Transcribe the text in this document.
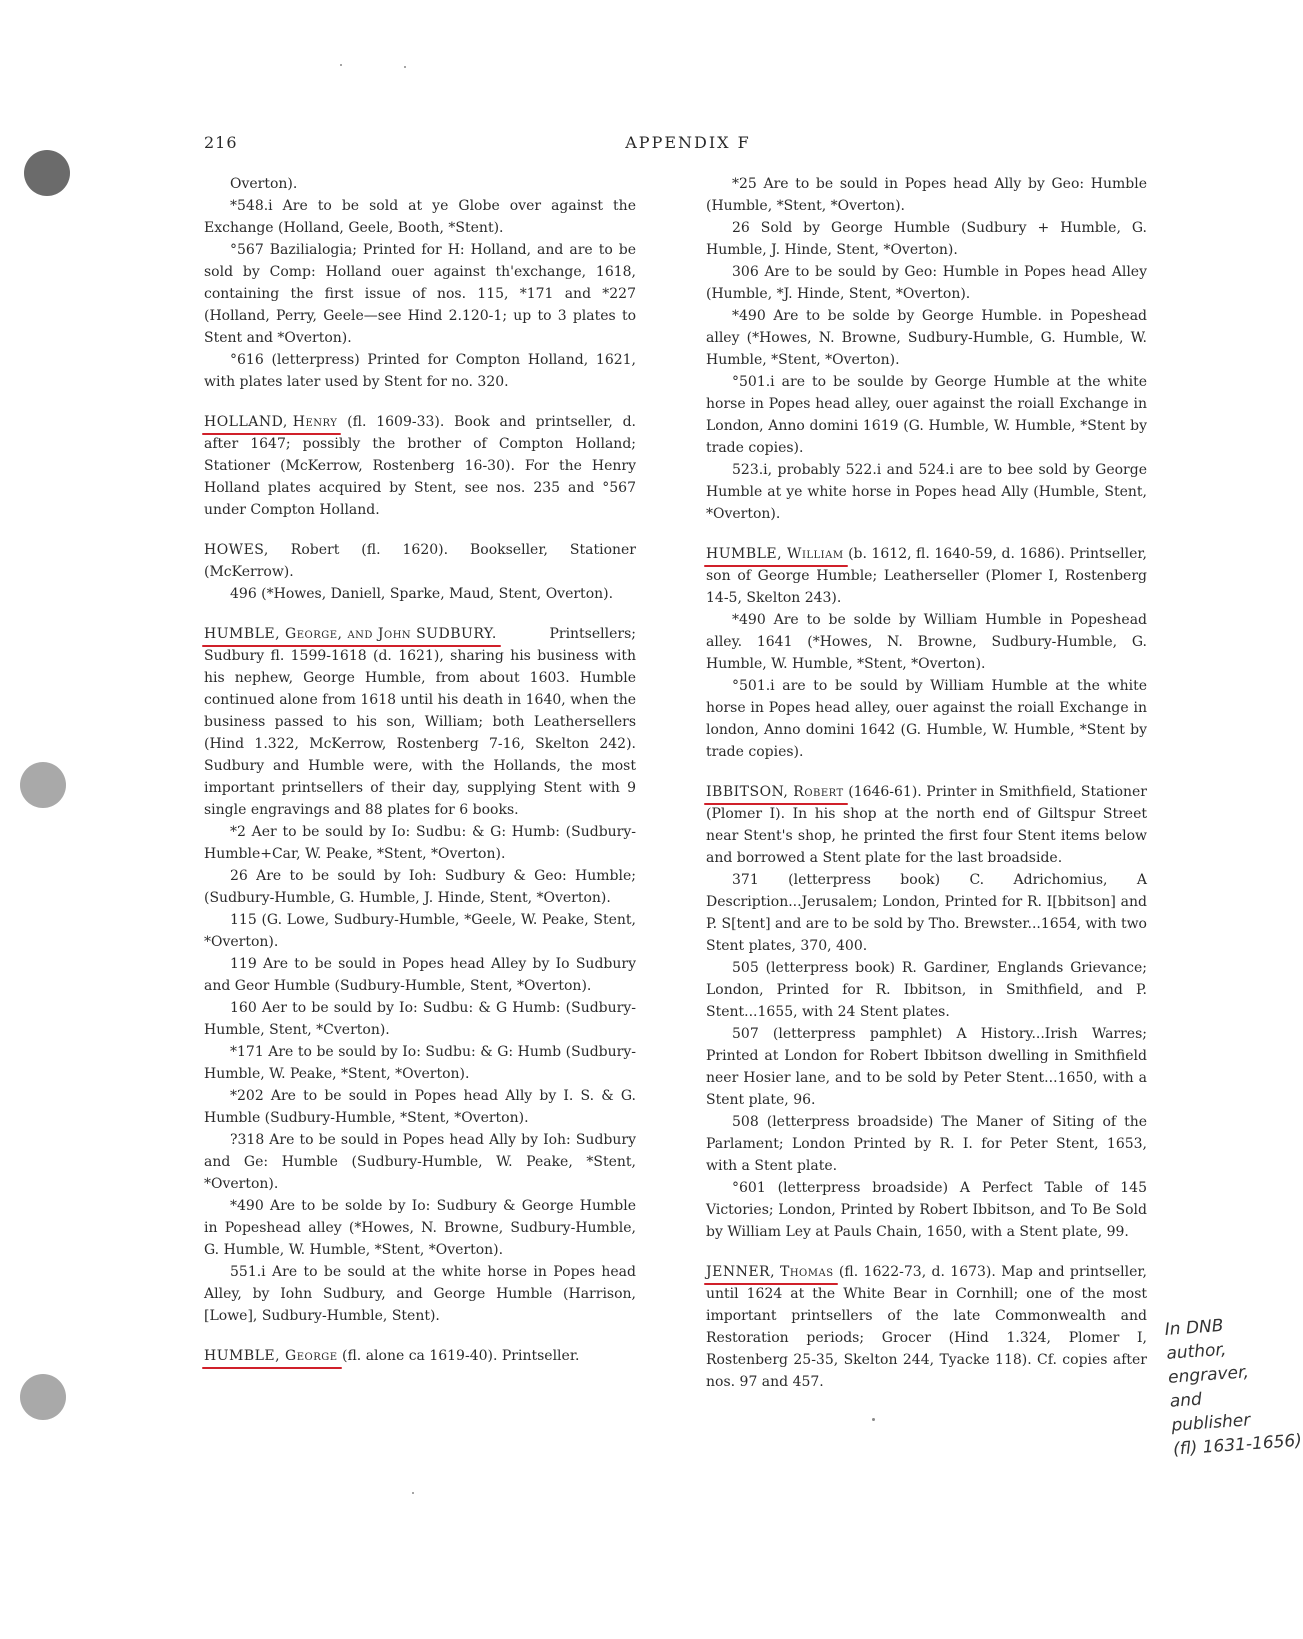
216	APPENDIX F

Overton).

*548.i Are to be sold at ye Globe over against the Exchange (Holland, Geele, Booth, *Stent).

°567 Bazilialogia; Printed for H: Holland, and are to be sold by Comp: Holland ouer against th'exchange, 1618, containing the first issue of nos. 115, *171 and *227 (Holland, Perry, Geele—see Hind 2.120-1; up to 3 plates to Stent and *Overton).

°616 (letterpress) Printed for Compton Holland, 1621, with plates later used by Stent for no. 320.

HOLLAND, Henry (fl. 1609-33). Book and printseller, d. after 1647; possibly the brother of Compton Holland; Stationer (McKerrow, Rostenberg 16-30). For the Henry Holland plates acquired by Stent, see nos. 235 and °567 under Compton Holland.

HOWES, Robert (fl. 1620). Bookseller, Stationer (McKerrow).

496 (*Howes, Daniell, Sparke, Maud, Stent, Overton).

HUMBLE, George, and John SUDBURY. Printsellers; Sudbury fl. 1599-1618 (d. 1621), sharing his business with his nephew, George Humble, from about 1603. Humble continued alone from 1618 until his death in 1640, when the business passed to his son, William; both Leathersellers (Hind 1.322, McKerrow, Rostenberg 7-16, Skelton 242). Sudbury and Humble were, with the Hollands, the most important printsellers of their day, supplying Stent with 9 single engravings and 88 plates for 6 books.

*2 Aer to be sould by Io: Sudbu: & G: Humb: (Sudbury-Humble+Car, W. Peake, *Stent, *Overton).

26 Are to be sould by Ioh: Sudbury & Geo: Humble; (Sudbury-Humble, G. Humble, J. Hinde, Stent, *Overton).

115 (G. Lowe, Sudbury-Humble, *Geele, W. Peake, Stent, *Overton).

119 Are to be sould in Popes head Alley by Io Sudbury and Geor Humble (Sudbury-Humble, Stent, *Overton).

160 Aer to be sould by Io: Sudbu: & G Humb: (Sudbury-Humble, Stent, *Cverton).

*171 Are to be sould by Io: Sudbu: & G: Humb (Sudbury-Humble, W. Peake, *Stent, *Overton).

*202 Are to be sould in Popes head Ally by I. S. & G. Humble (Sudbury-Humble, *Stent, *Overton).

?318 Are to be sould in Popes head Ally by Ioh: Sudbury and Ge: Humble (Sudbury-Humble, W. Peake, *Stent, *Overton).

*490 Are to be solde by Io: Sudbury & George Humble in Popeshead alley (*Howes, N. Browne, Sudbury-Humble, G. Humble, W. Humble, *Stent, *Overton).

551.i Are to be sould at the white horse in Popes head Alley, by Iohn Sudbury, and George Humble (Harrison, [Lowe], Sudbury-Humble, Stent).

HUMBLE, George (fl. alone ca 1619-40). Printseller.

*25 Are to be sould in Popes head Ally by Geo: Humble (Humble, *Stent, *Overton).

26 Sold by George Humble (Sudbury + Humble, G. Humble, J. Hinde, Stent, *Overton).

306 Are to be sould by Geo: Humble in Popes head Alley (Humble, *J. Hinde, Stent, *Overton).

*490 Are to be solde by George Humble. in Popeshead alley (*Howes, N. Browne, Sudbury-Humble, G. Humble, W. Humble, *Stent, *Overton).

°501.i are to be soulde by George Humble at the white horse in Popes head alley, ouer against the roiall Exchange in London, Anno domini 1619 (G. Humble, W. Humble, *Stent by trade copies).

523.i, probably 522.i and 524.i are to bee sold by George Humble at ye white horse in Popes head Ally (Humble, Stent, *Overton).

HUMBLE, William (b. 1612, fl. 1640-59, d. 1686). Printseller, son of George Humble; Leatherseller (Plomer I, Rostenberg 14-5, Skelton 243).

*490 Are to be solde by William Humble in Popeshead alley. 1641 (*Howes, N. Browne, Sudbury-Humble, G. Humble, W. Humble, *Stent, *Overton).

°501.i are to be sould by William Humble at the white horse in Popes head alley, ouer against the roiall Exchange in london, Anno domini 1642 (G. Humble, W. Humble, *Stent by trade copies).

IBBITSON, Robert (1646-61). Printer in Smithfield, Stationer (Plomer I). In his shop at the north end of Giltspur Street near Stent's shop, he printed the first four Stent items below and borrowed a Stent plate for the last broadside.

371 (letterpress book) C. Adrichomius, A Description...Jerusalem; London, Printed for R. I[bbitson] and P. S[tent] and are to be sold by Tho. Brewster...1654, with two Stent plates, 370, 400.

505 (letterpress book) R. Gardiner, Englands Grievance; London, Printed for R. Ibbitson, in Smithfield, and P. Stent...1655, with 24 Stent plates.

507 (letterpress pamphlet) A History...Irish Warres; Printed at London for Robert Ibbitson dwelling in Smithfield neer Hosier lane, and to be sold by Peter Stent...1650, with a Stent plate, 96.

508 (letterpress broadside) The Maner of Siting of the Parlament; London Printed by R. I. for Peter Stent, 1653, with a Stent plate.

°601 (letterpress broadside) A Perfect Table of 145 Victories; London, Printed by Robert Ibbitson, and To Be Sold by William Ley at Pauls Chain, 1650, with a Stent plate, 99.

JENNER, Thomas (fl. 1622-73, d. 1673). Map and printseller, until 1624 at the White Bear in Cornhill; one of the most important printsellers of the late Commonwealth and Restoration periods; Grocer (Hind 1.324, Plomer I, Rostenberg 25-35, Skelton 244, Tyacke 118). Cf. copies after nos. 97 and 457.

In DNB
author,
engraver,
and
publisher
(fl) 1631-1656)
